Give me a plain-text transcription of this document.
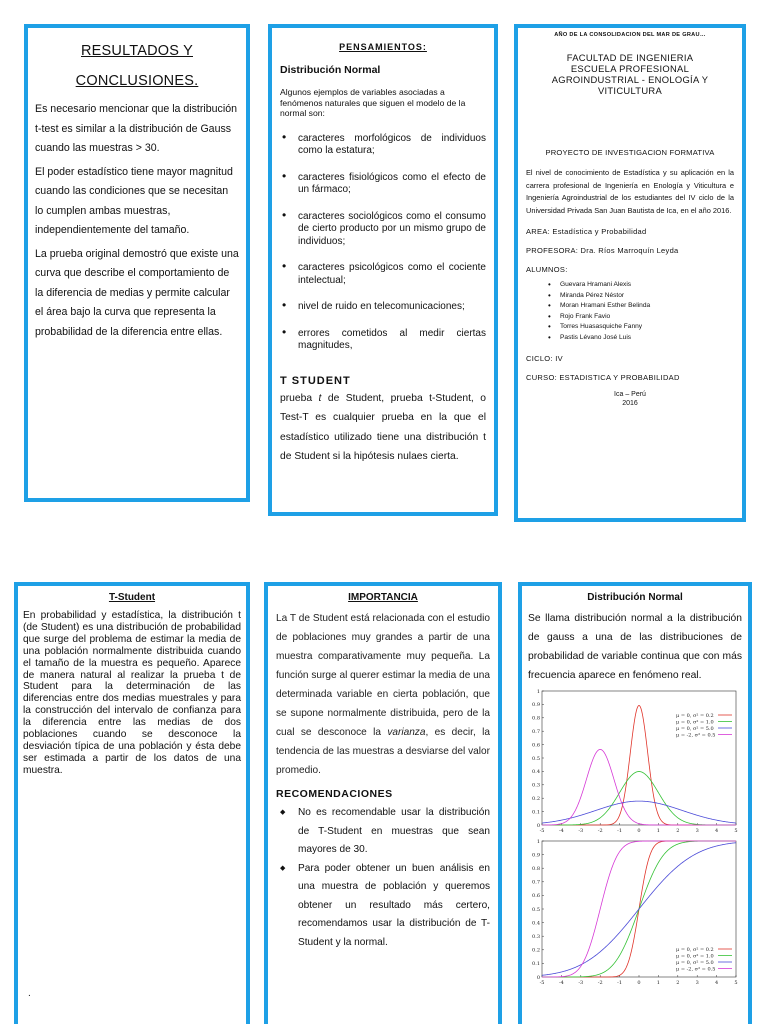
RESULTADOS Y
CONCLUSIONES.

Es necesario mencionar que la distribución t-test es similar a la distribución de Gauss cuando las muestras > 30.

El poder estadístico tiene mayor magnitud cuando las condiciones que se necesitan lo cumplen ambas muestras, independientemente del tamaño.

La prueba original demostró que existe una curva que describe el comportamiento de la diferencia de medias y permite calcular el área bajo la curva que representa la probabilidad de la diferencia entre ellas.

PENSAMIENTOS:
Distribución Normal
Algunos ejemplos de variables asociadas a fenómenos naturales que siguen el modelo de la normal son:
• caracteres morfológicos de individuos como la estatura;
• caracteres fisiológicos como el efecto de un fármaco;
• caracteres sociológicos como el consumo de cierto producto por un mismo grupo de individuos;
• caracteres psicológicos como el cociente intelectual;
• nivel de ruido en telecomunicaciones;
• errores cometidos al medir ciertas magnitudes,
T STUDENT
prueba t de Student, prueba t-Student, o Test-T es cualquier prueba en la que el estadístico utilizado tiene una distribución t de Student si la hipótesis nulaes cierta.
AÑO DE LA CONSOLIDACION DEL MAR DE GRAU…
FACULTAD DE INGENIERIA
ESCUELA PROFESIONAL
AGROINDUSTRIAL - ENOLOGÍA Y
VITICULTURA
PROYECTO DE INVESTIGACION FORMATIVA
El nivel de conocimiento de Estadística y su aplicación en la carrera profesional de Ingeniería en Enología y Viticultura e Ingeniería Agroindustrial de los estudiantes del IV ciclo de la Universidad Privada San Juan Bautista de Ica, en el año 2016.
AREA: Estadística y Probabilidad
PROFESORA: Dra. Ríos Marroquín Leyda
ALUMNOS:
• Guevara Hramani Alexis
• Miranda Pérez Néstor
• Moran Hramani Esther Belinda
• Rojo Frank Favio
• Torres Huasasquiche Fanny
• Pastis Lévano José Luis
CICLO: IV
CURSO: ESTADISTICA Y PROBABILIDAD
Ica – Perú
2016
T-Student
En probabilidad y estadística, la distribución t (de Student) es una distribución de probabilidad que surge del problema de estimar la media de una población normalmente distribuida cuando el tamaño de la muestra es pequeño. Aparece de manera natural al realizar la prueba t de Student para la determinación de las diferencias entre dos medias muestrales y para la construcción del intervalo de confianza para la diferencia entre las medias de dos poblaciones cuando se desconoce la desviación típica de una población y ésta debe ser estimada a partir de los datos de una muestra.
.
IMPORTANCIA
La T de Student está relacionada con el estudio de poblaciones muy grandes a partir de una muestra comparativamente muy pequeña. La función surge al querer estimar la media de una determinada variable en cierta población, que se supone normalmente distribuida, pero de la cual se desconoce la varianza, es decir, la tendencia de las muestras a desviarse del valor promedio.
RECOMENDACIONES
◆ No es recomendable usar la distribución de T-Student en muestras que sean mayores de 30.
◆ Para poder obtener un buen análisis en una muestra de población y queremos obtener un resultado más certero, recomendamos usar la distribución de T-Student y la normal.
Distribución Normal
Se llama distribución normal a la distribución de gauss a una de las distribuciones de probabilidad de variable continua que con más frecuencia aparece en fenómeno real.
-5	-4	-3	-2	-1	0	1	2	3	4	5
0
0.1
0.2
0.3
0.4
0.5
0.6
0.7
0.8
0.9
1
μ = 0, σ² = 0.2
μ = 0, σ² = 1.0
μ = 0, σ² = 5.0
μ = -2, σ² = 0.5
-5	-4	-3	-2	-1	0	1	2	3	4	5
0
0.1
0.2
0.3
0.4
0.5
0.6
0.7
0.8
0.9
1
μ = 0, σ² = 0.2
μ = 0, σ² = 1.0
μ = 0, σ² = 5.0
μ = -2, σ² = 0.5
